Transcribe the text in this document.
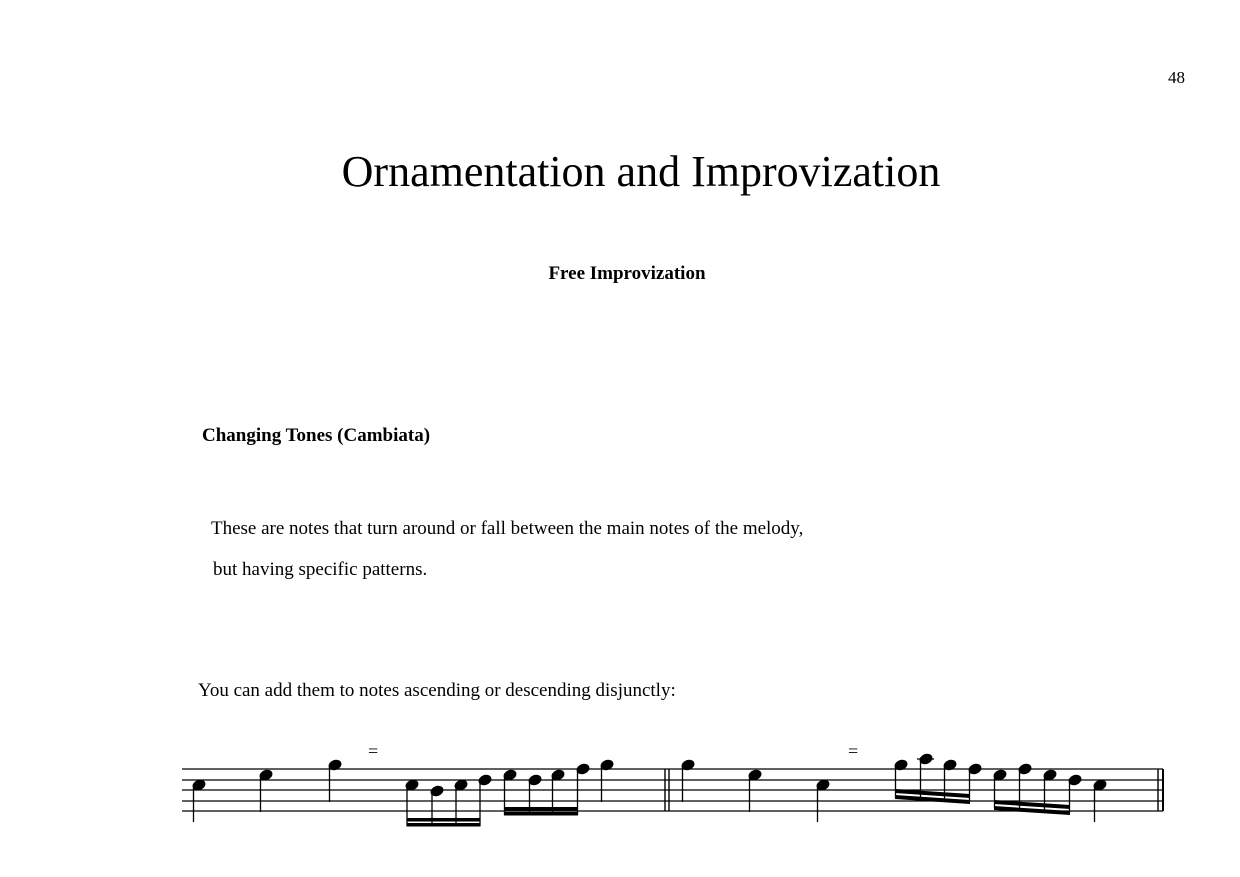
48
Ornamentation and Improvization
Free Improvization
Changing Tones (Cambiata)
These are notes that turn around or fall between the main notes of the melody,
but having specific patterns.
You can add them to notes ascending or descending disjunctly:
=	=
